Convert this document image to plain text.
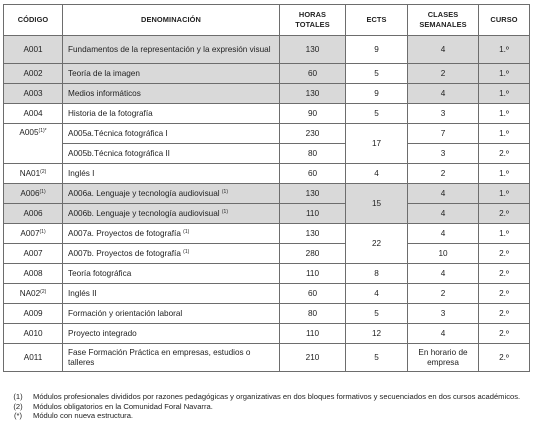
CÓDIGO	DENOMINACIÓN	HORAS TOTALES	ECTS	CLASES SEMANALES	CURSO
A001	Fundamentos de la representación y la expresión visual	130	9	4	1.º
A002	Teoría de la imagen	60	5	2	1.º
A003	Medios informáticos	130	9	4	1.º
A004	Historia de la fotografía	90	5	3	1.º
$A005^{(1)*}$	A005a.Técnica fotográfica I	230	17	7	1.º
	A005b.Técnica fotográfica II	80		3	2.º
NA01$^{(2)}$	Inglés I	60	4	2	1.º
A006$^{(1)}$	A006a. Lenguaje y tecnología audiovisual $^{(1)}$	130	15	4	1.º
A006	A006b. Lenguaje y tecnología audiovisual $^{(1)}$	110		4	2.º
A007$^{(1)}$	A007a. Proyectos de fotografía $^{(1)}$	130	22	4	1.º
A007	A007b. Proyectos de fotografía $^{(1)}$	280		10	2.º
A008	Teoría fotográfica	110	8	4	2.º
NA02$^{(2)}$	Inglés II	60	4	2	2.º
A009	Formación y orientación laboral	80	5	3	2.º
A010	Proyecto integrado	110	12	4	2.º
A011	Fase Formación Práctica en empresas, estudios o talleres	210	5	En horario de empresa	2.º
(1) Módulos profesionales divididos por razones pedagógicas y organizativas en dos bloques formativos y secuenciados en dos cursos académicos.
(2) Módulos obligatorios en la Comunidad Foral Navarra.
(*) Módulo con nueva estructura.
